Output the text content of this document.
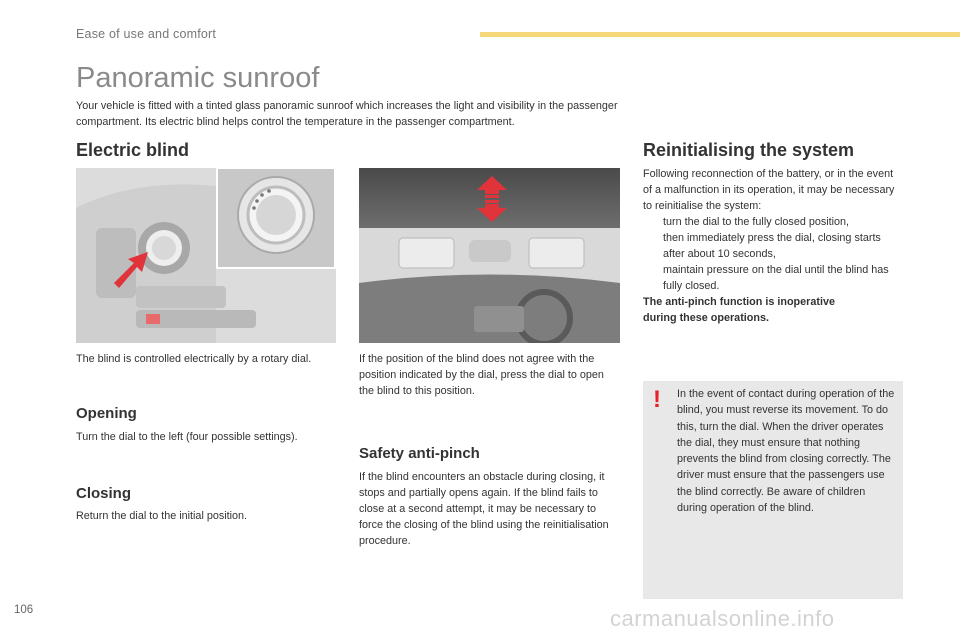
Ease of use and comfort
Panoramic sunroof
Your vehicle is fitted with a tinted glass panoramic sunroof which increases the light and visibility in the passenger compartment. Its electric blind helps control the temperature in the passenger compartment.
Electric blind

The blind is controlled electrically by a rotary dial.

Opening

Turn the dial to the left (four possible settings).

Closing

Return the dial to the initial position.

If the position of the blind does not agree with the position indicated by the dial, press the dial to open the blind to this position.

Safety anti-pinch

If the blind encounters an obstacle during closing, it stops and partially opens again. If the blind fails to close at a second attempt, it may be necessary to force the closing of the blind using the reinitialisation procedure.

Reinitialising the system

Following reconnection of the battery, or in the event of a malfunction in its operation, it may be necessary to reinitialise the system:

turn the dial to the fully closed position,
then immediately press the dial, closing starts after about 10 seconds,
maintain pressure on the dial until the blind has fully closed.
The anti-pinch function is inoperative during these operations.
! In the event of contact during operation of the blind, you must reverse its movement. To do this, turn the dial. When the driver operates the dial, they must ensure that nothing prevents the blind from closing correctly. The driver must ensure that the passengers use the blind correctly. Be aware of children during operation of the blind.
106	carmanualsonline.info
